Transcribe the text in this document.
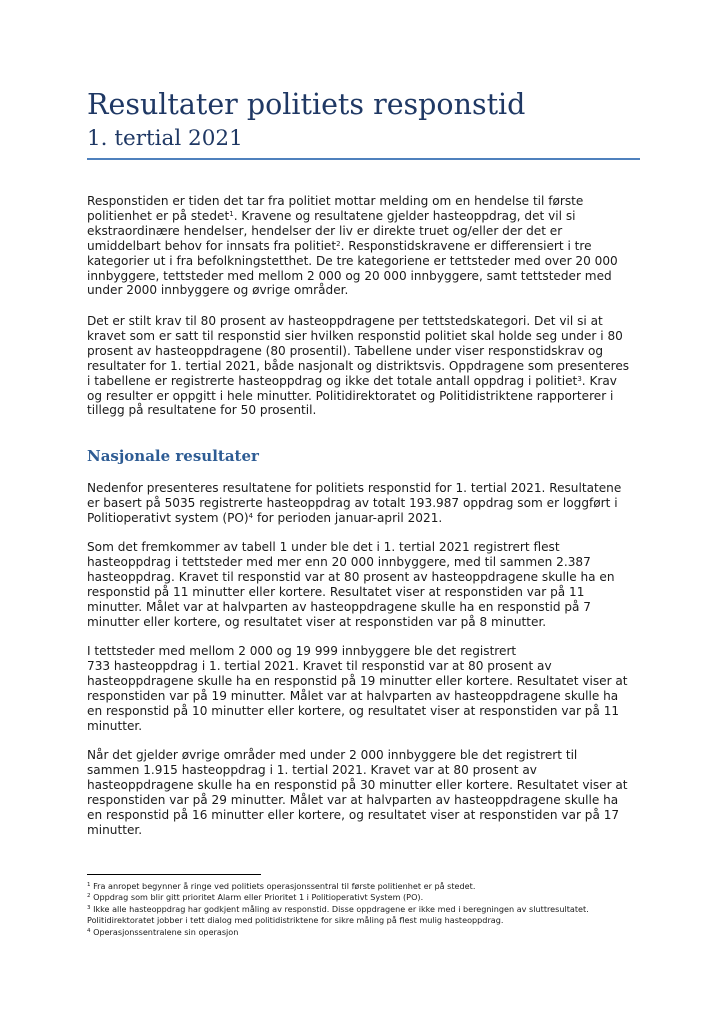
Resultater politiets responstid
1. tertial 2021

Responstiden er tiden det tar fra politiet mottar melding om en hendelse til første
politienhet er på stedet$^1$. Kravene og resultatene gjelder hasteoppdrag, det vil si
ekstraordinære hendelser, hendelser der liv er direkte truet og/eller der det er
umiddelbart behov for innsats fra politiet$^2$. Responstidskravene er differensiert i tre
kategorier ut i fra befolkningstetthet. De tre kategoriene er tettsteder med over 20 000
innbyggere, tettsteder med mellom 2 000 og 20 000 innbyggere, samt tettsteder med
under 2000 innbyggere og øvrige områder.

Det er stilt krav til 80 prosent av hasteoppdragene per tettstedskategori. Det vil si at
kravet som er satt til responstid sier hvilken responstid politiet skal holde seg under i 80
prosent av hasteoppdragene (80 prosentil). Tabellene under viser responstidskrav og
resultater for 1. tertial 2021, både nasjonalt og distriktsvis. Oppdragene som presenteres
i tabellene er registrerte hasteoppdrag og ikke det totale antall oppdrag i politiet$^3$. Krav
og resulter er oppgitt i hele minutter. Politidirektoratet og Politidistriktene rapporterer i
tillegg på resultatene for 50 prosentil.

Nasjonale resultater

Nedenfor presenteres resultatene for politiets responstid for 1. tertial 2021. Resultatene
er basert på 5035 registrerte hasteoppdrag av totalt 193.987 oppdrag som er loggført i
Politioperativt system (PO)$^4$ for perioden januar-april 2021.

Som det fremkommer av tabell 1 under ble det i 1. tertial 2021 registrert flest
hasteoppdrag i tettsteder med mer enn 20 000 innbyggere, med til sammen 2.387
hasteoppdrag. Kravet til responstid var at 80 prosent av hasteoppdragene skulle ha en
responstid på 11 minutter eller kortere. Resultatet viser at responstiden var på 11
minutter. Målet var at halvparten av hasteoppdragene skulle ha en responstid på 7
minutter eller kortere, og resultatet viser at responstiden var på 8 minutter.

I tettsteder med mellom 2 000 og 19 999 innbyggere ble det registrert
733 hasteoppdrag i 1. tertial 2021. Kravet til responstid var at 80 prosent av
hasteoppdragene skulle ha en responstid på 19 minutter eller kortere. Resultatet viser at
responstiden var på 19 minutter. Målet var at halvparten av hasteoppdragene skulle ha
en responstid på 10 minutter eller kortere, og resultatet viser at responstiden var på 11
minutter.

Når det gjelder øvrige områder med under 2 000 innbyggere ble det registrert til
sammen 1.915 hasteoppdrag i 1. tertial 2021. Kravet var at 80 prosent av
hasteoppdragene skulle ha en responstid på 30 minutter eller kortere. Resultatet viser at
responstiden var på 29 minutter. Målet var at halvparten av hasteoppdragene skulle ha
en responstid på 16 minutter eller kortere, og resultatet viser at responstiden var på 17
minutter.

$^1$ Fra anropet begynner å ringe ved politiets operasjonssentral til første politienhet er på stedet.
$^2$ Oppdrag som blir gitt prioritet Alarm eller Prioritet 1 i Politioperativt System (PO).
$^3$ Ikke alle hasteoppdrag har godkjent måling av responstid. Disse oppdragene er ikke med i beregningen av sluttresultatet.
Politidirektoratet jobber i tett dialog med politidistriktene for sikre måling på flest mulig hasteoppdrag.
$^4$ Operasjonssentralene sin operasjon
